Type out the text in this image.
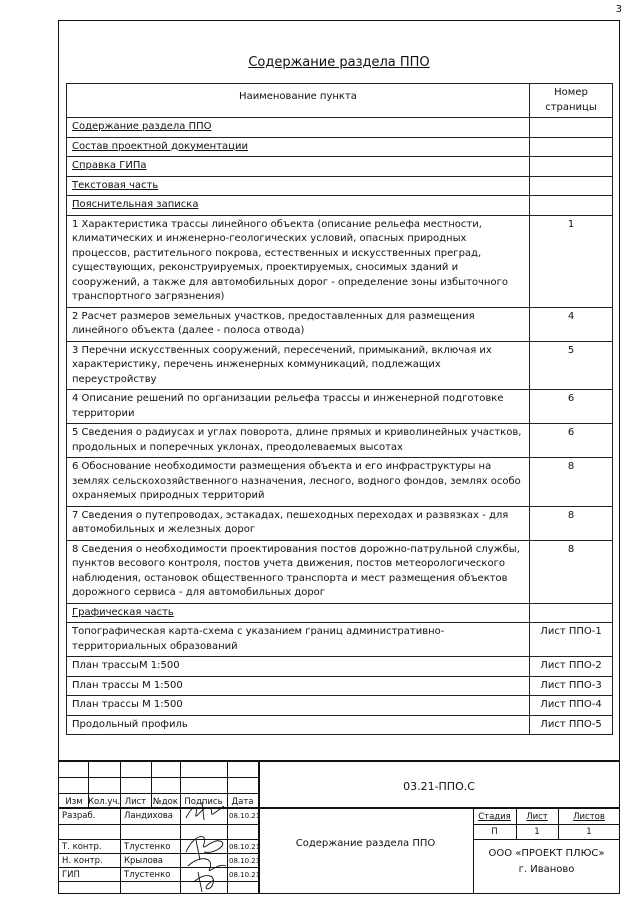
3
Содержание раздела ППО
Наименование пункта	Номер страницы
Содержание раздела ППО	
Состав проектной документации	
Справка ГИПа	
Текстовая часть	
Пояснительная записка	
1 Характеристика трассы линейного объекта (описание рельефа местности, климатических и инженерно-геологических условий, опасных природных процессов, растительного покрова, естественных и искусственных преград, существующих, реконструируемых, проектируемых, сносимых зданий и сооружений, а также для автомобильных дорог - определение зоны избыточного транспортного загрязнения)	1
2 Расчет размеров земельных участков, предоставленных для размещения линейного объекта (далее - полоса отвода)	4
3 Перечни искусственных сооружений, пересечений, примыканий, включая их характеристику, перечень инженерных коммуникаций, подлежащих переустройству	5
4 Описание решений по организации рельефа трассы и инженерной подготовке территории	6
5 Сведения о радиусах и углах поворота, длине прямых и криволинейных участков, продольных и поперечных уклонах, преодолеваемых высотах	6
6 Обоснование необходимости размещения объекта и его инфраструктуры на землях сельскохозяйственного назначения, лесного, водного фондов, землях особо охраняемых природных территорий	8
7 Сведения о путепроводах, эстакадах, пешеходных переходах и развязках - для автомобильных и железных дорог	8
8 Сведения о необходимости проектирования постов дорожно-патрульной службы, пунктов весового контроля, постов учета движения, постов метеорологического наблюдения, остановок общественного транспорта и мест размещения объектов дорожного сервиса - для автомобильных дорог	8
Графическая часть	
Топографическая карта-схема с указанием границ административно-территориальных образований	Лист ППО-1
План трассыМ 1:500	Лист ППО-2
План трассы М 1:500	Лист ППО-3
План трассы М 1:500	Лист ППО-4
Продольный профиль	Лист ППО-5
Изм Кол.уч. Лист №док Подпись	Дата
Разраб.	Ландихова	08.10.21
Т. контр.	Тлустенко	08.10.21
Н. контр.	Крылова	08.10.21
ГИП	Тлустенко	08.10.21
03.21-ППО.С
Содержание раздела ППО
Стадия	Лист	Листов
П	1	1
ООО «ПРОЕКТ ПЛЮС»
г. Иваново
